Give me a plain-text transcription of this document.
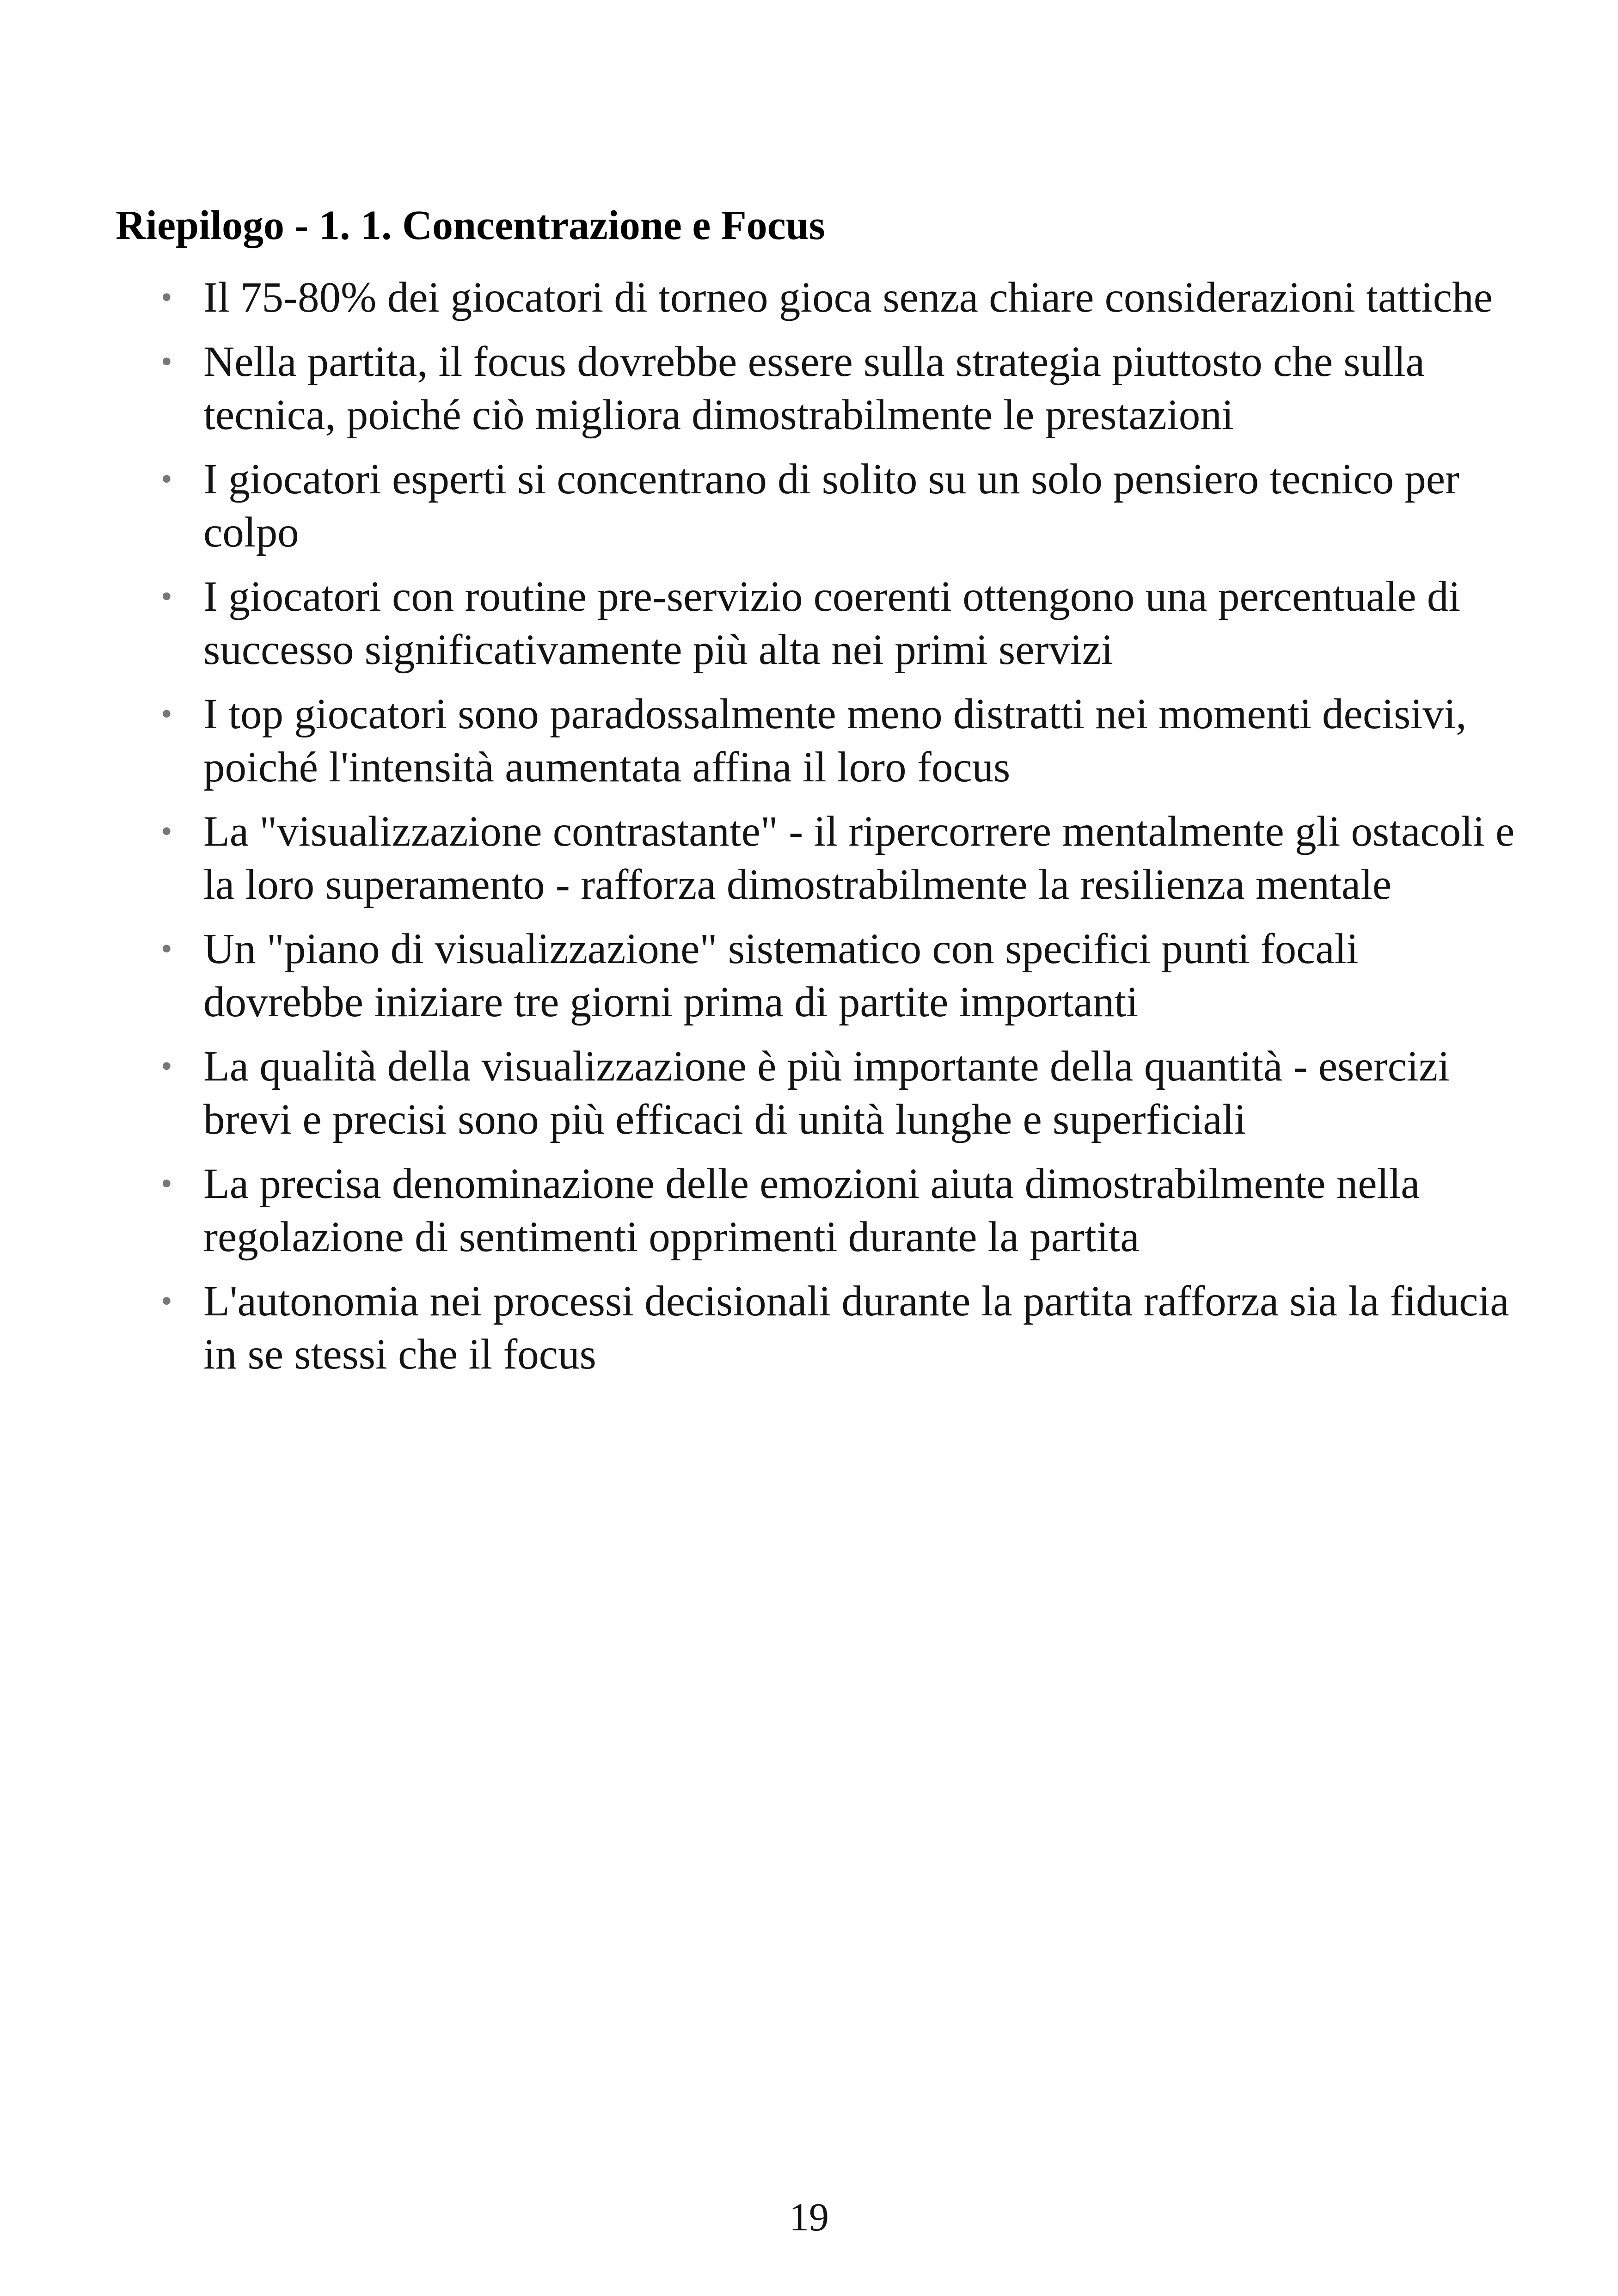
Riepilogo - 1. 1. Concentrazione e Focus
• Il 75-80% dei giocatori di torneo gioca senza chiare considerazioni tattiche
• Nella partita, il focus dovrebbe essere sulla strategia piuttosto che sulla tecnica, poiché ciò migliora dimostrabilmente le prestazioni
• I giocatori esperti si concentrano di solito su un solo pensiero tecnico per colpo
• I giocatori con routine pre-servizio coerenti ottengono una percentuale di successo significativamente più alta nei primi servizi
• I top giocatori sono paradossalmente meno distratti nei momenti decisivi, poiché l'intensità aumentata affina il loro focus
• La "visualizzazione contrastante" - il ripercorrere mentalmente gli ostacoli e la loro superamento - rafforza dimostrabilmente la resilienza mentale
• Un "piano di visualizzazione" sistematico con specifici punti focali dovrebbe iniziare tre giorni prima di partite importanti
• La qualità della visualizzazione è più importante della quantità - esercizi brevi e precisi sono più efficaci di unità lunghe e superficiali
• La precisa denominazione delle emozioni aiuta dimostrabilmente nella regolazione di sentimenti opprimenti durante la partita
• L'autonomia nei processi decisionali durante la partita rafforza sia la fiducia in se stessi che il focus
19
